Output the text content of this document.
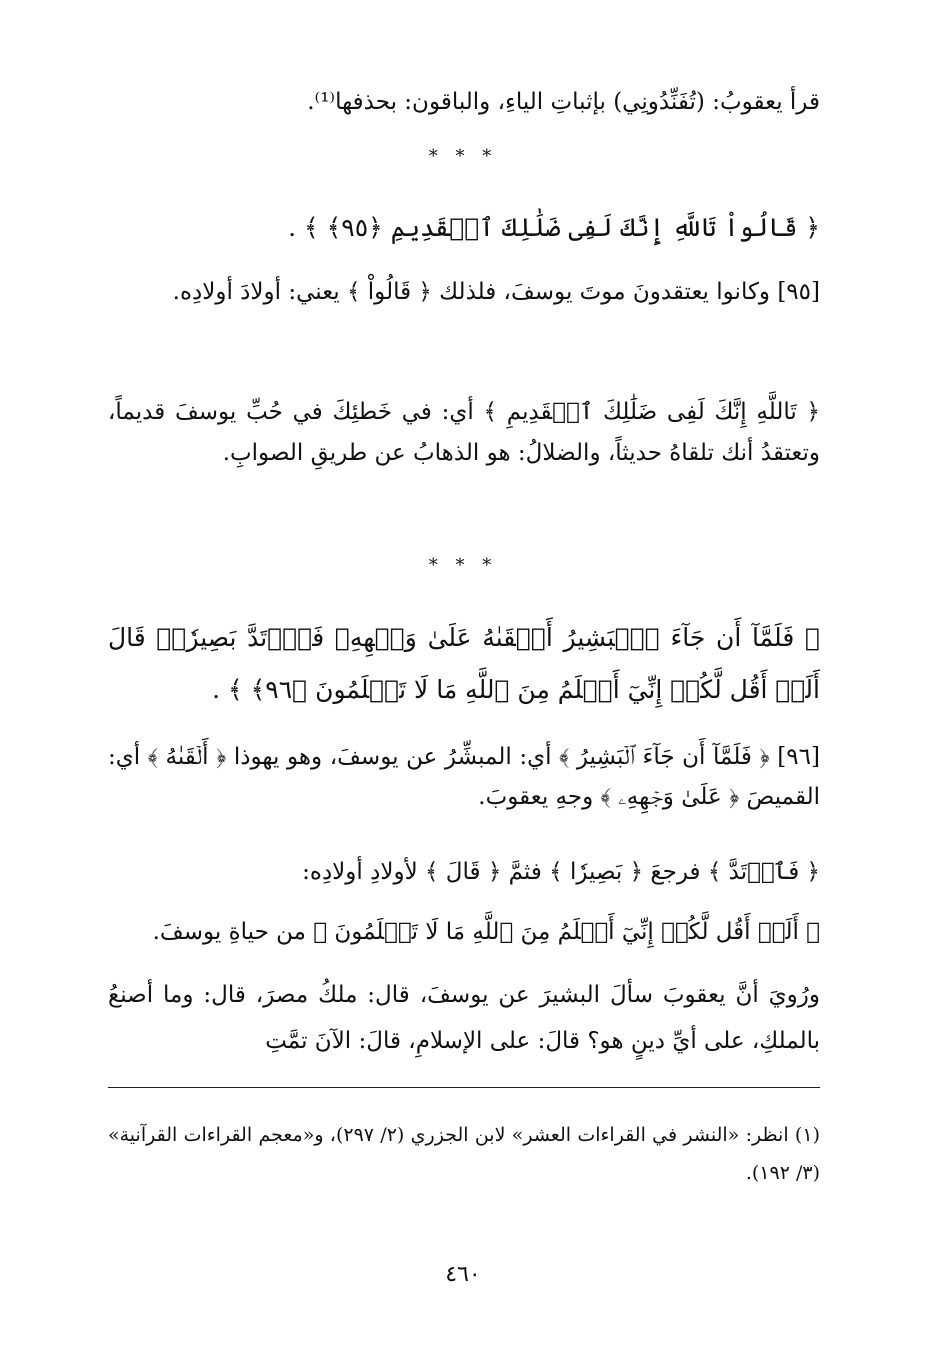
قرأ يعقوبُ: (تُفَنِّدُونِي) بإثباتِ الياءِ، والباقون: بحذفها⁽¹⁾.
* * *
﴿ قَالُواْ تَاللَّهِ إِنَّكَ لَفِى ضَلَٰلِكَ ٱلۡقَدِيمِ ﴿٩٥﴾ ﴾ .
[٩٥] وكانوا يعتقدونَ موتَ يوسفَ، فلذلك ﴿ قَالُواْ ﴾ يعني: أولادَ أولادِه.
﴿ تَاللَّهِ إِنَّكَ لَفِى ضَلَٰلِكَ ٱلۡقَدِيمِ ﴾ أي: في خَطئِكَ في حُبِّ يوسفَ قديماً، وتعتقدُ أنك تلقاهُ حديثاً، والضلالُ: هو الذهابُ عن طريقِ الصوابِ.
* * *
﴿ فَلَمَّآ أَن جَآءَ ٱلۡبَشِيرُ أَلۡقَىٰهُ عَلَىٰ وَجۡهِهِۦ فَٱرۡتَدَّ بَصِيرٗاۖ قَالَ أَلَمۡ أَقُل لَّكُمۡ إِنِّيٓ أَعۡلَمُ مِنَ ٱللَّهِ مَا لَا تَعۡلَمُونَ ﴿٩٦﴾ ﴾ .
[٩٦] ﴿ فَلَمَّآ أَن جَآءَ ٱلۡبَشِيرُ ﴾ أي: المبشِّرُ عن يوسفَ، وهو يهوذا ﴿ أَلۡقَىٰهُ ﴾ أي: القميصَ ﴿ عَلَىٰ وَجۡهِهِۦ ﴾ وجهِ يعقوبَ.
﴿ فَٱرۡتَدَّ ﴾ فرجعَ ﴿ بَصِيرٗا ﴾ فثمَّ ﴿ قَالَ ﴾ لأولادِ أولادِه:
﴿ أَلَمۡ أَقُل لَّكُمۡ إِنِّيٓ أَعۡلَمُ مِنَ ٱللَّهِ مَا لَا تَعۡلَمُونَ ﴾ من حياةِ يوسفَ.
ورُويَ أنَّ يعقوبَ سألَ البشيرَ عن يوسفَ، قال: ملكُ مصرَ، قال: وما أصنعُ بالملكِ، على أيِّ دينٍ هو؟ قالَ: على الإسلامِ، قالَ: الآنَ تمَّتِ
(١) انظر: «النشر في القراءات العشر» لابن الجزري (٢/ ٢٩٧)، و«معجم القراءات القرآنية» (٣/ ١٩٢).
٤٦٠
